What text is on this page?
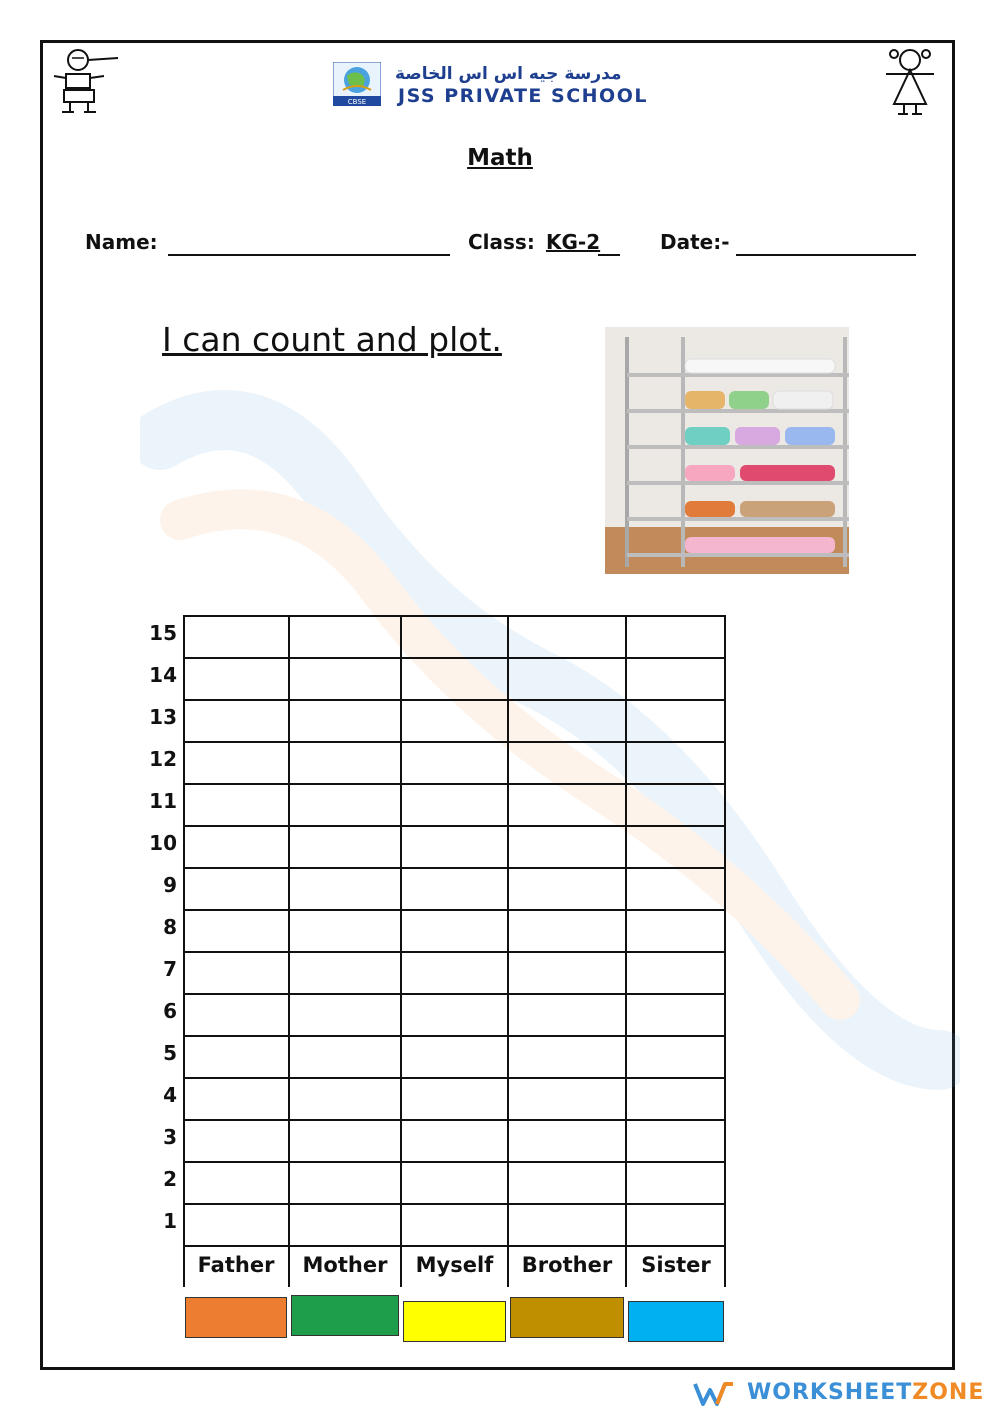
CBSE
مدرسة جيه اس اس الخاصة
JSS PRIVATE SCHOOL
Math
Name:	Class: KG-2	Date:-
I can count and plot.
15
14
13
12
11
10
9
8
7
6
5
4
3
2
1
Father	Mother	Myself	Brother	Sister
WORKSHEETZONE
